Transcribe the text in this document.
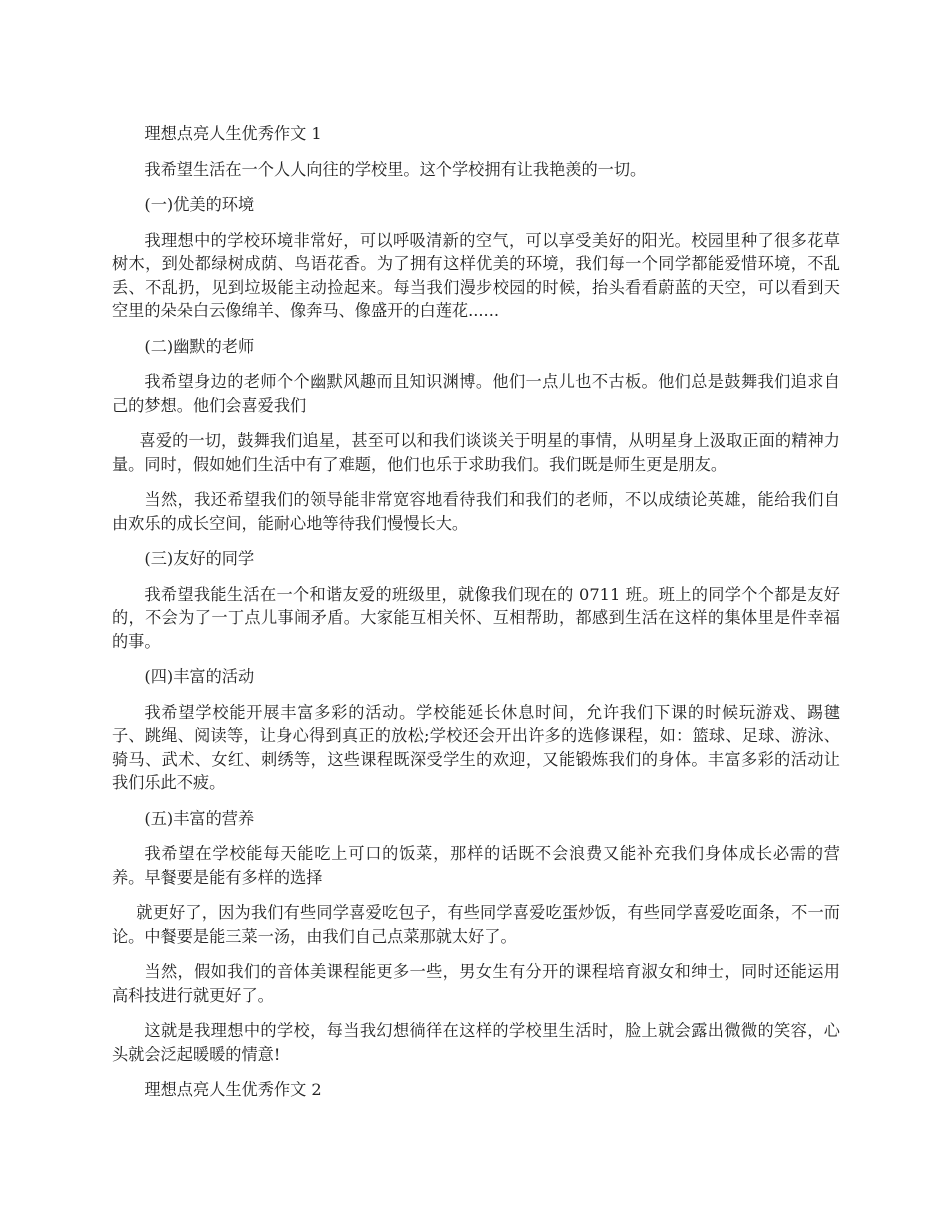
理想点亮人生优秀作文 1

我希望生活在一个人人向往的学校里。这个学校拥有让我艳羡的一切。

(一)优美的环境

我理想中的学校环境非常好，可以呼吸清新的空气，可以享受美好的阳光。校园里种了很多花草树木，到处都绿树成荫、鸟语花香。为了拥有这样优美的环境，我们每一个同学都能爱惜环境，不乱丢、不乱扔，见到垃圾能主动捡起来。每当我们漫步校园的时候，抬头看看蔚蓝的天空，可以看到天空里的朵朵白云像绵羊、像奔马、像盛开的白莲花......

(二)幽默的老师

我希望身边的老师个个幽默风趣而且知识渊博。他们一点儿也不古板。他们总是鼓舞我们追求自己的梦想。他们会喜爱我们

喜爱的一切，鼓舞我们追星，甚至可以和我们谈谈关于明星的事情，从明星身上汲取正面的精神力量。同时，假如她们生活中有了难题，他们也乐于求助我们。我们既是师生更是朋友。

当然，我还希望我们的领导能非常宽容地看待我们和我们的老师，不以成绩论英雄，能给我们自由欢乐的成长空间，能耐心地等待我们慢慢长大。

(三)友好的同学

我希望我能生活在一个和谐友爱的班级里，就像我们现在的 0711 班。班上的同学个个都是友好的，不会为了一丁点儿事闹矛盾。大家能互相关怀、互相帮助，都感到生活在这样的集体里是件幸福的事。

(四)丰富的活动

我希望学校能开展丰富多彩的活动。学校能延长休息时间，允许我们下课的时候玩游戏、踢毽子、跳绳、阅读等，让身心得到真正的放松;学校还会开出许多的选修课程，如：篮球、足球、游泳、骑马、武术、女红、刺绣等，这些课程既深受学生的欢迎，又能锻炼我们的身体。丰富多彩的活动让我们乐此不疲。

(五)丰富的营养

我希望在学校能每天能吃上可口的饭菜，那样的话既不会浪费又能补充我们身体成长必需的营养。早餐要是能有多样的选择

就更好了，因为我们有些同学喜爱吃包子，有些同学喜爱吃蛋炒饭，有些同学喜爱吃面条，不一而论。中餐要是能三菜一汤，由我们自己点菜那就太好了。

当然，假如我们的音体美课程能更多一些，男女生有分开的课程培育淑女和绅士，同时还能运用高科技进行就更好了。

这就是我理想中的学校，每当我幻想徜徉在这样的学校里生活时，脸上就会露出微微的笑容，心头就会泛起暖暖的情意!

理想点亮人生优秀作文 2
